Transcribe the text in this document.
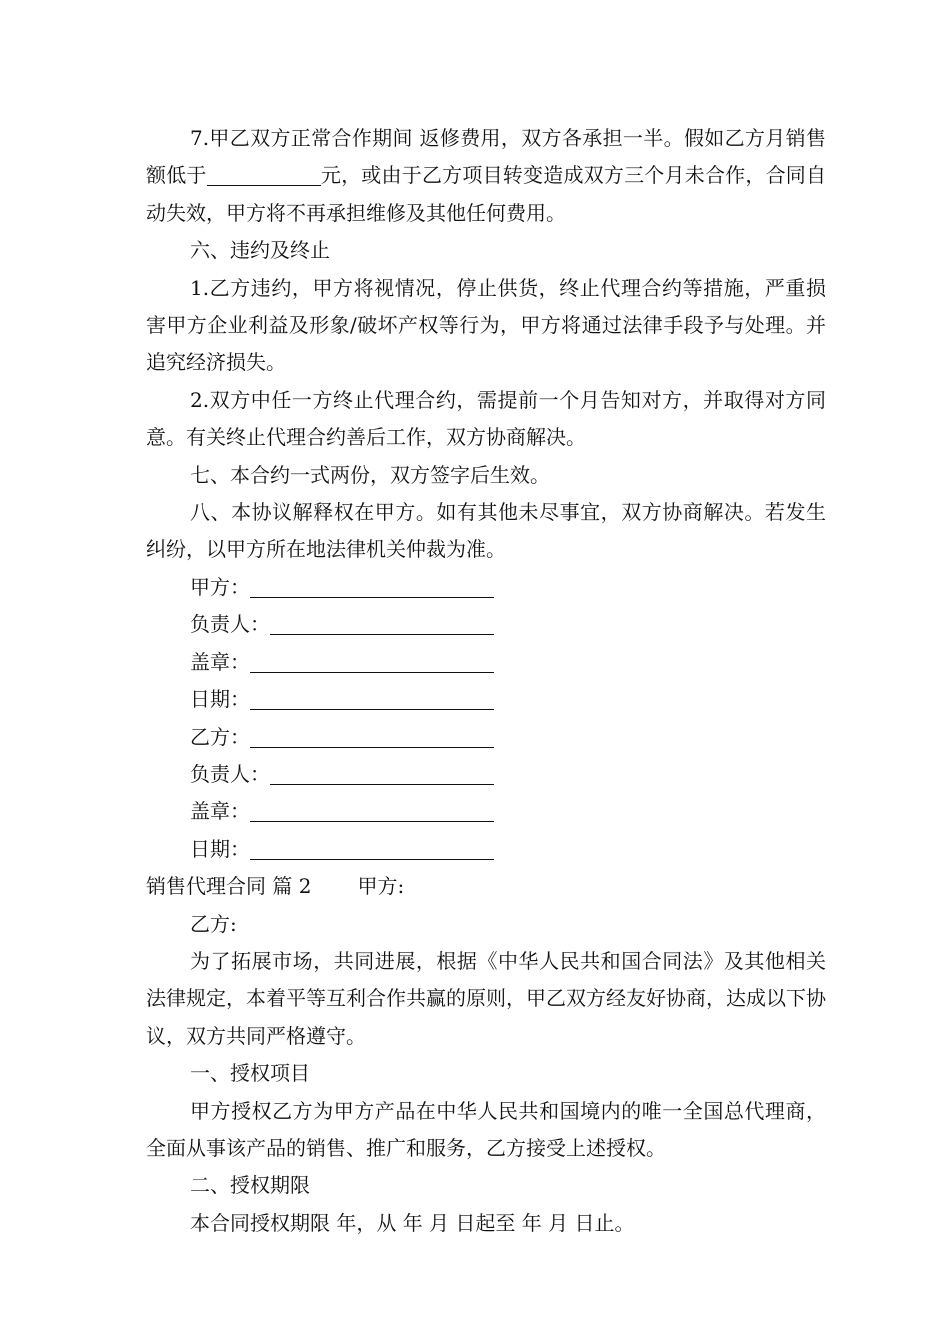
7.甲乙双方正常合作期间 返修费用，双方各承担一半。假如乙方月销售额低于	元，或由于乙方项目转变造成双方三个月未合作，合同自动失效，甲方将不再承担维修及其他任何费用。

六、违约及终止

1.乙方违约，甲方将视情况，停止供货，终止代理合约等措施，严重损害甲方企业利益及形象/破坏产权等行为，甲方将通过法律手段予与处理。并追究经济损失。

2.双方中任一方终止代理合约，需提前一个月告知对方，并取得对方同意。有关终止代理合约善后工作，双方协商解决。

七、本合约一式两份，双方签字后生效。

八、本协议解释权在甲方。如有其他未尽事宜，双方协商解决。若发生纠纷，以甲方所在地法律机关仲裁为准。

甲方：

负责人：

盖章：

日期：

乙方：

负责人：

盖章：

日期：

销售代理合同 篇 2 甲方:

乙方:

为了拓展市场，共同进展，根据《中华人民共和国合同法》及其他相关法律规定，本着平等互利合作共赢的原则，甲乙双方经友好协商，达成以下协议，双方共同严格遵守。

一、授权项目

甲方授权乙方为甲方产品在中华人民共和国境内的唯一全国总代理商，全面从事该产品的销售、推广和服务，乙方接受上述授权。

二、授权期限

本合同授权期限 年，从 年 月 日起至 年 月 日止。
